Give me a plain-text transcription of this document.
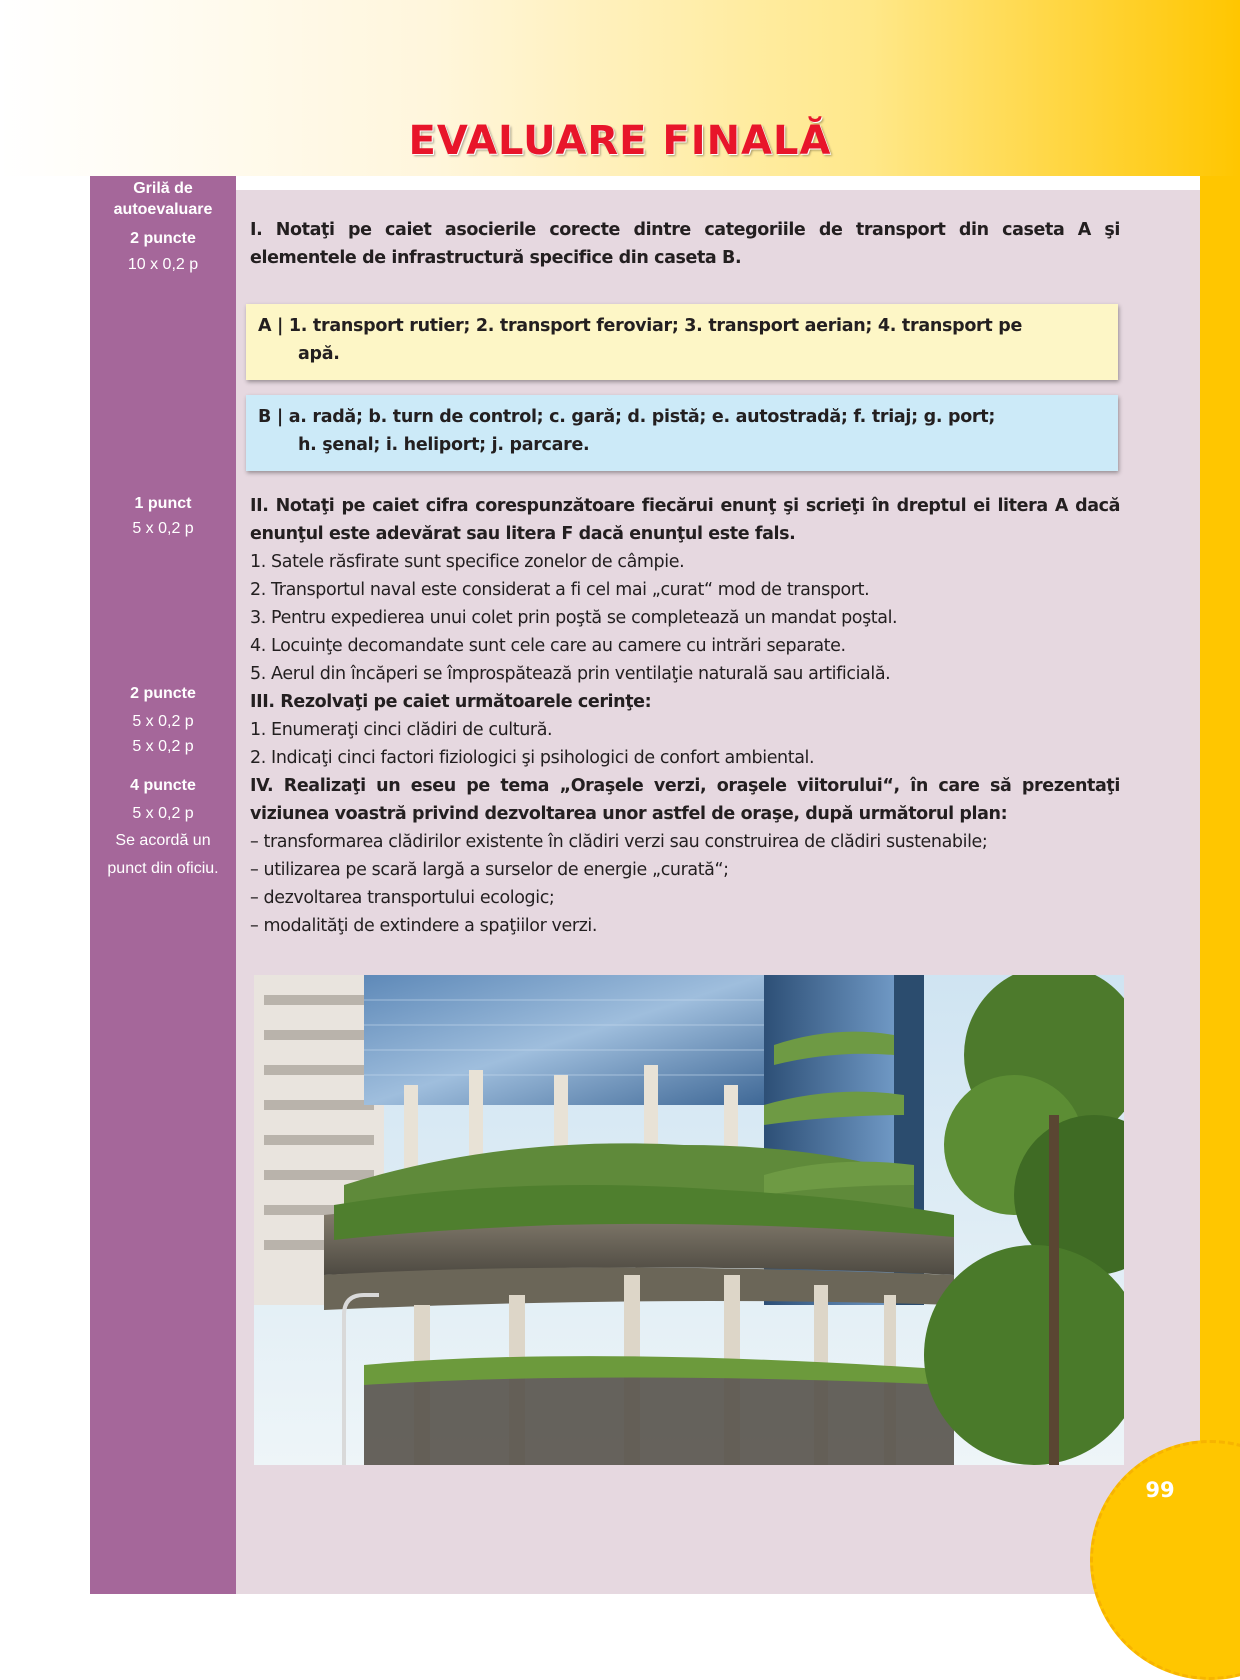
EVALUARE FINALĂ
Grilă de
autoevaluare
2 puncte
10 x 0,2 p
1 punct
5 x 0,2 p
2 puncte
5 x 0,2 p
5 x 0,2 p
4 puncte
5 x 0,2 p
Se acordă un
punct din oficiu.
I. Notaţi pe caiet asocierile corecte dintre categoriile de transport din caseta A şi
elementele de infrastructură specifice din caseta B.
A | 1. transport rutier; 2. transport feroviar; 3. transport aerian; 4. transport pe
apă.
B | a. radă; b. turn de control; c. gară; d. pistă; e. autostradă; f. triaj; g. port;
h. şenal; i. heliport; j. parcare.
II. Notaţi pe caiet cifra corespunzătoare fiecărui enunţ şi scrieţi în dreptul ei litera A dacă
enunţul este adevărat sau litera F dacă enunţul este fals.
1. Satele răsfirate sunt specifice zonelor de câmpie.
2. Transportul naval este considerat a fi cel mai „curat“ mod de transport.
3. Pentru expedierea unui colet prin poştă se completează un mandat poştal.
4. Locuinţe decomandate sunt cele care au camere cu intrări separate.
5. Aerul din încăperi se împrospătează prin ventilaţie naturală sau artificială.
III. Rezolvaţi pe caiet următoarele cerinţe:
1. Enumeraţi cinci clădiri de cultură.
2. Indicaţi cinci factori fiziologici şi psihologici de confort ambiental.
IV. Realizaţi un eseu pe tema „Oraşele verzi, oraşele viitorului“, în care să prezentaţi
viziunea voastră privind dezvoltarea unor astfel de oraşe, după următorul plan:
– transformarea clădirilor existente în clădiri verzi sau construirea de clădiri sustenabile;
– utilizarea pe scară largă a surselor de energie „curată“;
– dezvoltarea transportului ecologic;
– modalităţi de extindere a spaţiilor verzi.
99
